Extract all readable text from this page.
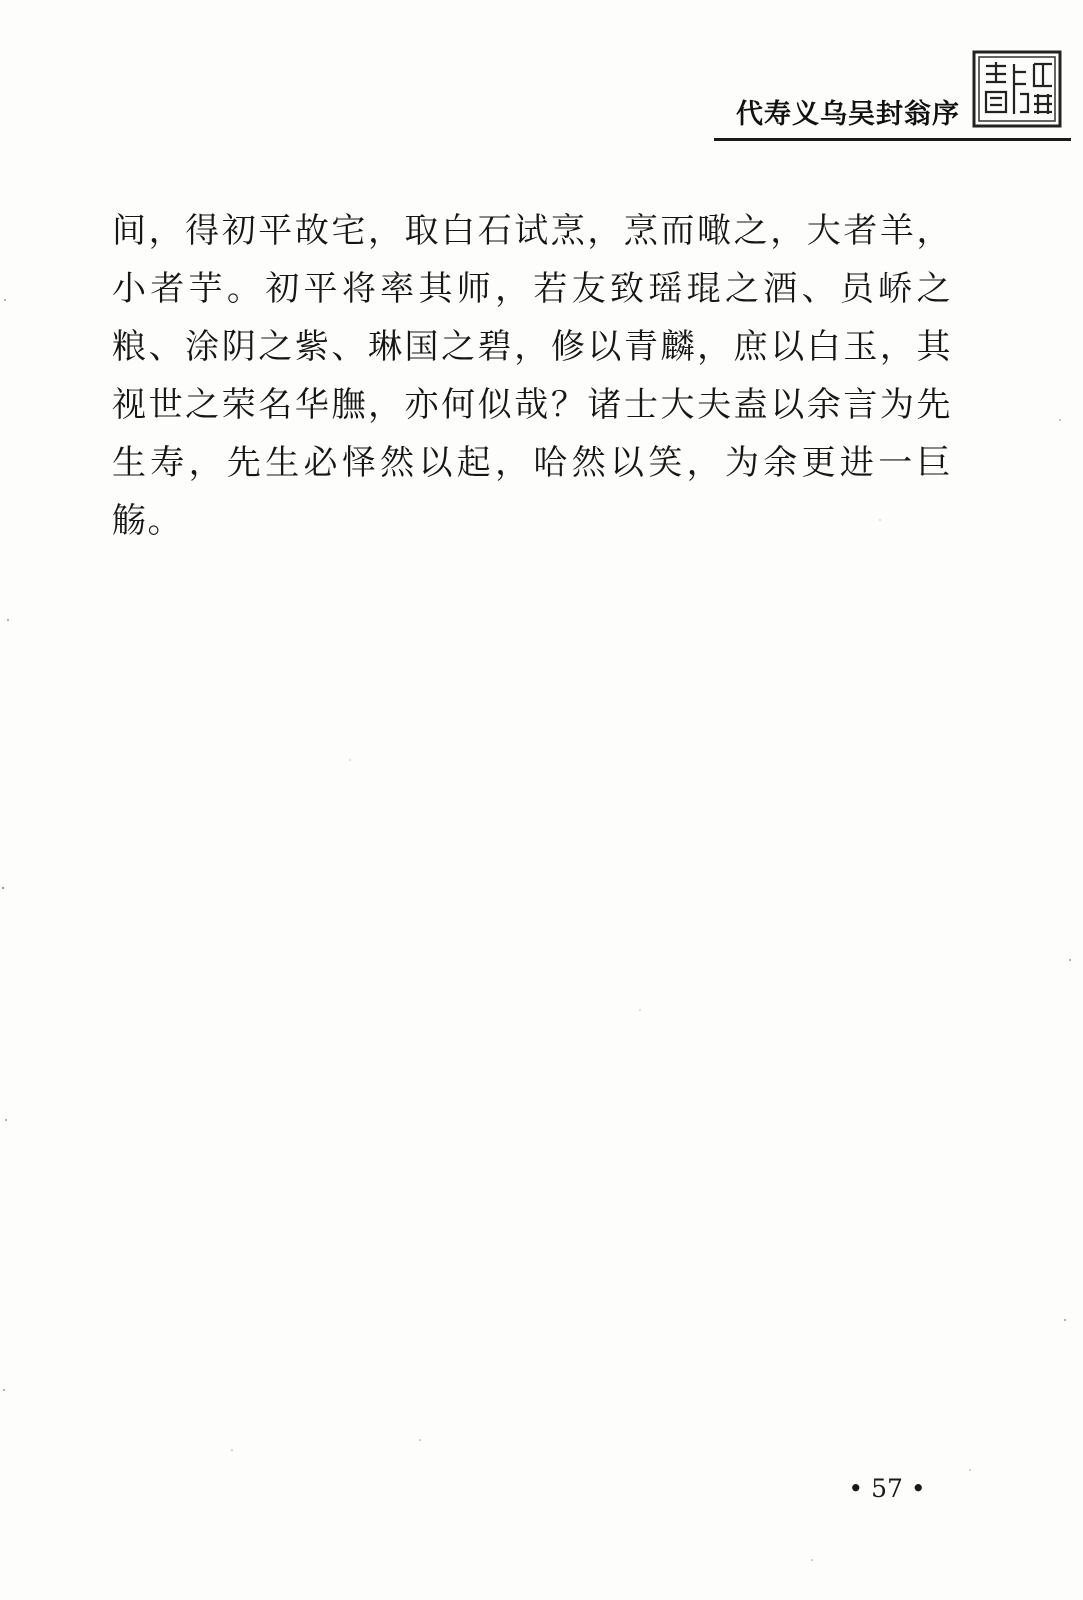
代寿义乌吴封翁序

间，得初平故宅，取白石试烹，烹而噉之，大者羊，小者芋。初平将率其师，若友致瑶琨之酒、员峤之粮、涂阴之紫、琳国之碧，修以青麟，庶以白玉，其视世之荣名华膴，亦何似哉？诸士大夫盍以余言为先生寿，先生必怿然以起，哈然以笑，为余更进一巨觞。

• 57 •
